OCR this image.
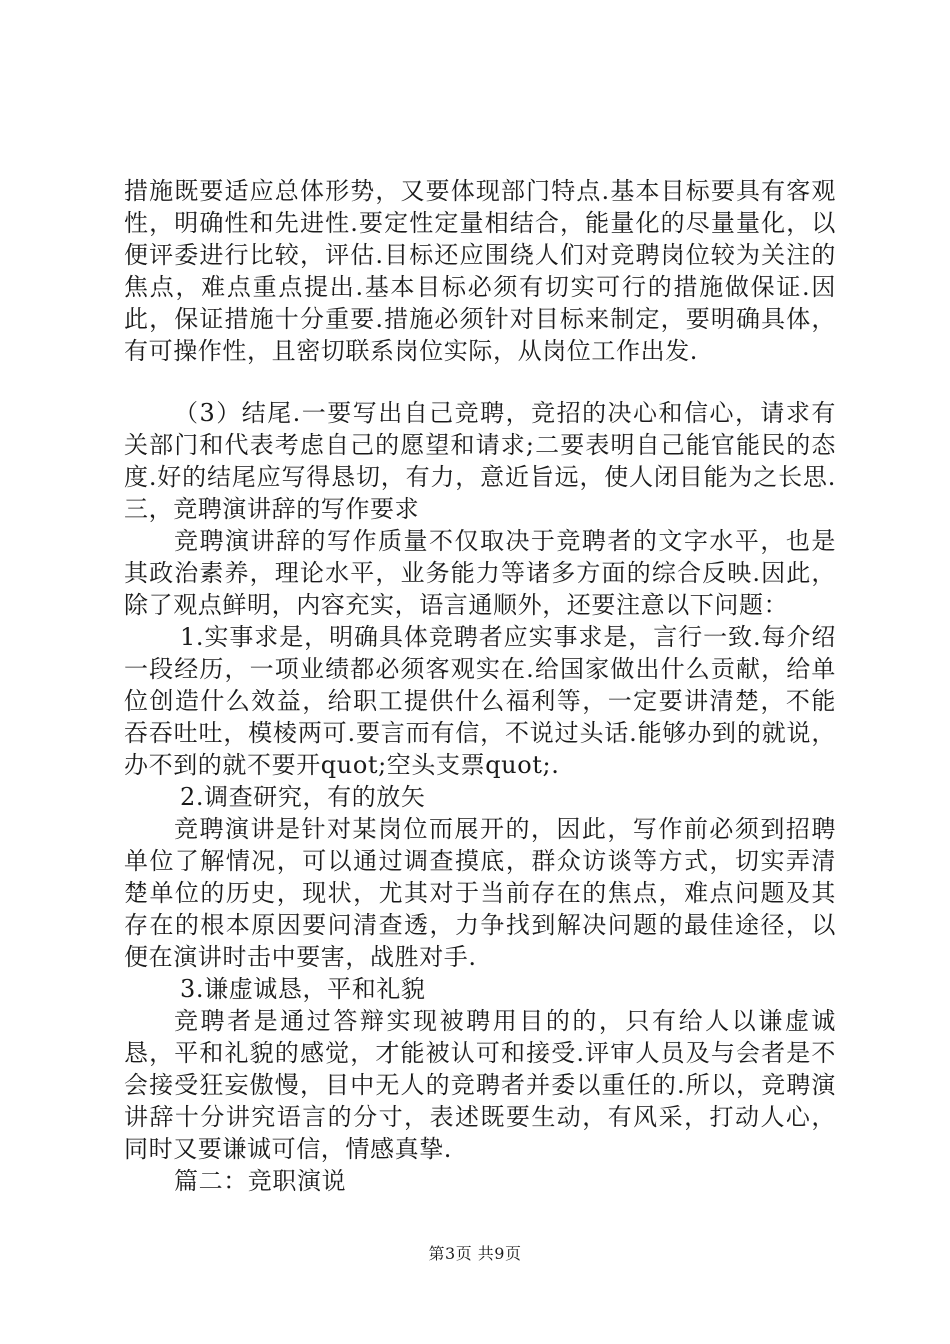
措施既要适应总体形势，又要体现部门特点.基本目标要具有客观性，明确性和先进性.要定性定量相结合，能量化的尽量量化，以便评委进行比较，评估.目标还应围绕人们对竞聘岗位较为关注的焦点，难点重点提出.基本目标必须有切实可行的措施做保证.因此，保证措施十分重要.措施必须针对目标来制定，要明确具体，有可操作性，且密切联系岗位实际，从岗位工作出发.

（3）结尾.一要写出自己竞聘，竞招的决心和信心，请求有关部门和代表考虑自己的愿望和请求;二要表明自己能官能民的态度.好的结尾应写得恳切，有力，意近旨远，使人闭目能为之长思.三，竞聘演讲辞的写作要求

竞聘演讲辞的写作质量不仅取决于竞聘者的文字水平，也是其政治素养，理论水平，业务能力等诸多方面的综合反映.因此，除了观点鲜明，内容充实，语言通顺外，还要注意以下问题：

1.实事求是，明确具体竞聘者应实事求是，言行一致.每介绍一段经历，一项业绩都必须客观实在.给国家做出什么贡献，给单位创造什么效益，给职工提供什么福利等，一定要讲清楚，不能吞吞吐吐，模棱两可.要言而有信，不说过头话.能够办到的就说，办不到的就不要开quot;空头支票quot;.

2.调查研究，有的放矢

竞聘演讲是针对某岗位而展开的，因此，写作前必须到招聘单位了解情况，可以通过调查摸底，群众访谈等方式，切实弄清楚单位的历史，现状，尤其对于当前存在的焦点，难点问题及其存在的根本原因要问清查透，力争找到解决问题的最佳途径，以便在演讲时击中要害，战胜对手.

3.谦虚诚恳，平和礼貌

竞聘者是通过答辩实现被聘用目的的，只有给人以谦虚诚恳，平和礼貌的感觉，才能被认可和接受.评审人员及与会者是不会接受狂妄傲慢，目中无人的竞聘者并委以重任的.所以，竞聘演讲辞十分讲究语言的分寸，表述既要生动，有风采，打动人心，同时又要谦诚可信，情感真挚.

篇二：竞职演说

第3页 共9页
